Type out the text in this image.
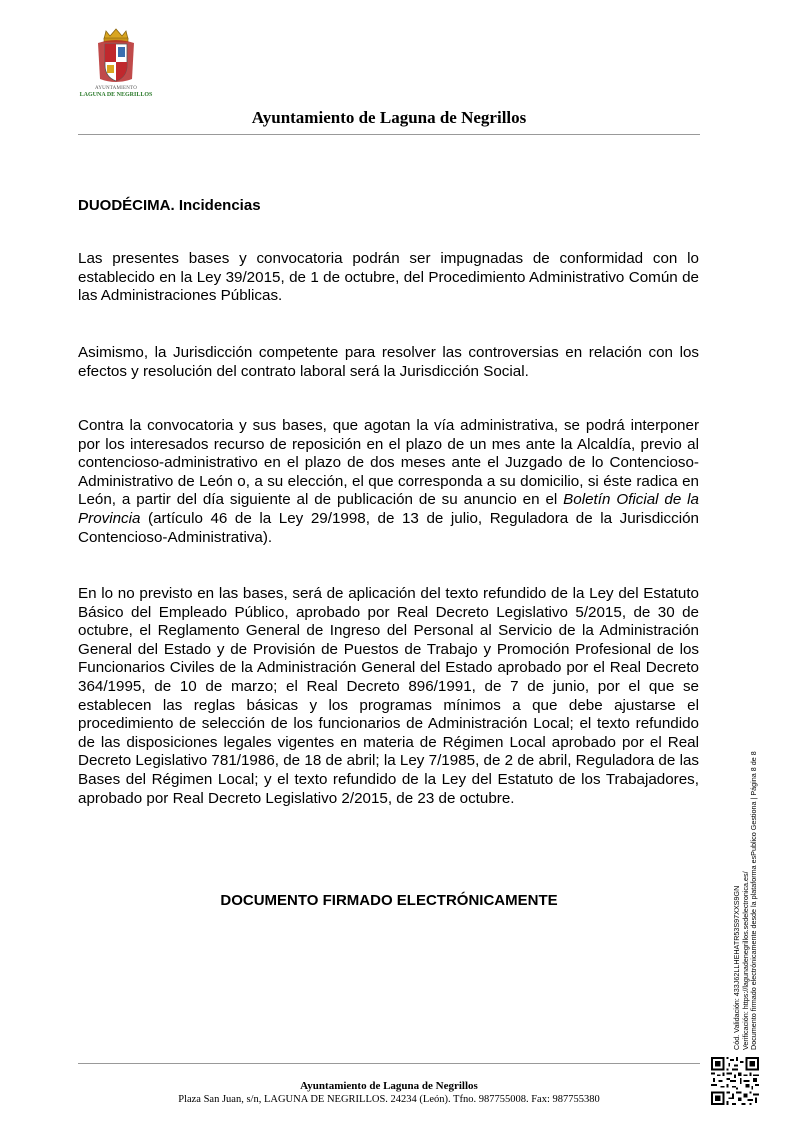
AYUNTAMIENTO
LAGUNA DE NEGRILLOS
Ayuntamiento de Laguna de Negrillos
DUODÉCIMA. Incidencias

Las presentes bases y convocatoria podrán ser impugnadas de conformidad con lo establecido en la Ley 39/2015, de 1 de octubre, del Procedimiento Administrativo Común de las Administraciones Públicas.

Asimismo, la Jurisdicción competente para resolver las controversias en relación con los efectos y resolución del contrato laboral será la Jurisdicción Social.

Contra la convocatoria y sus bases, que agotan la vía administrativa, se podrá interponer por los interesados recurso de reposición en el plazo de un mes ante la Alcaldía, previo al contencioso-administrativo en el plazo de dos meses ante el Juzgado de lo Contencioso-Administrativo de León o, a su elección, el que corresponda a su domicilio, si éste radica en León, a partir del día siguiente al de publicación de su anuncio en el Boletín Oficial de la Provincia (artículo 46 de la Ley 29/1998, de 13 de julio, Reguladora de la Jurisdicción Contencioso-Administrativa).

En lo no previsto en las bases, será de aplicación del texto refundido de la Ley del Estatuto Básico del Empleado Público, aprobado por Real Decreto Legislativo 5/2015, de 30 de octubre, el Reglamento General de Ingreso del Personal al Servicio de la Administración General del Estado y de Provisión de Puestos de Trabajo y Promoción Profesional de los Funcionarios Civiles de la Administración General del Estado aprobado por el Real Decreto 364/1995, de 10 de marzo; el Real Decreto 896/1991, de 7 de junio, por el que se establecen las reglas básicas y los programas mínimos a que debe ajustarse el procedimiento de selección de los funcionarios de Administración Local; el texto refundido de las disposiciones legales vigentes en materia de Régimen Local aprobado por el Real Decreto Legislativo 781/1986, de 18 de abril; la Ley 7/1985, de 2 de abril, Reguladora de las Bases del Régimen Local; y el texto refundido de la Ley del Estatuto de los Trabajadores, aprobado por Real Decreto Legislativo 2/2015, de 23 de octubre.

DOCUMENTO FIRMADO ELECTRÓNICAMENTE
Ayuntamiento de Laguna de Negrillos
Plaza San Juan, s/n, LAGUNA DE NEGRILLOS. 24234 (León). Tfno. 987755008. Fax: 987755380
Cód. Validación: 433J62LLHEHATR53S97XXS9GN Verificación: https://lagunadenegrillos.sedelectronica.es/ Documento firmado electrónicamente desde la plataforma esPublico Gestiona | Página 8 de 8
